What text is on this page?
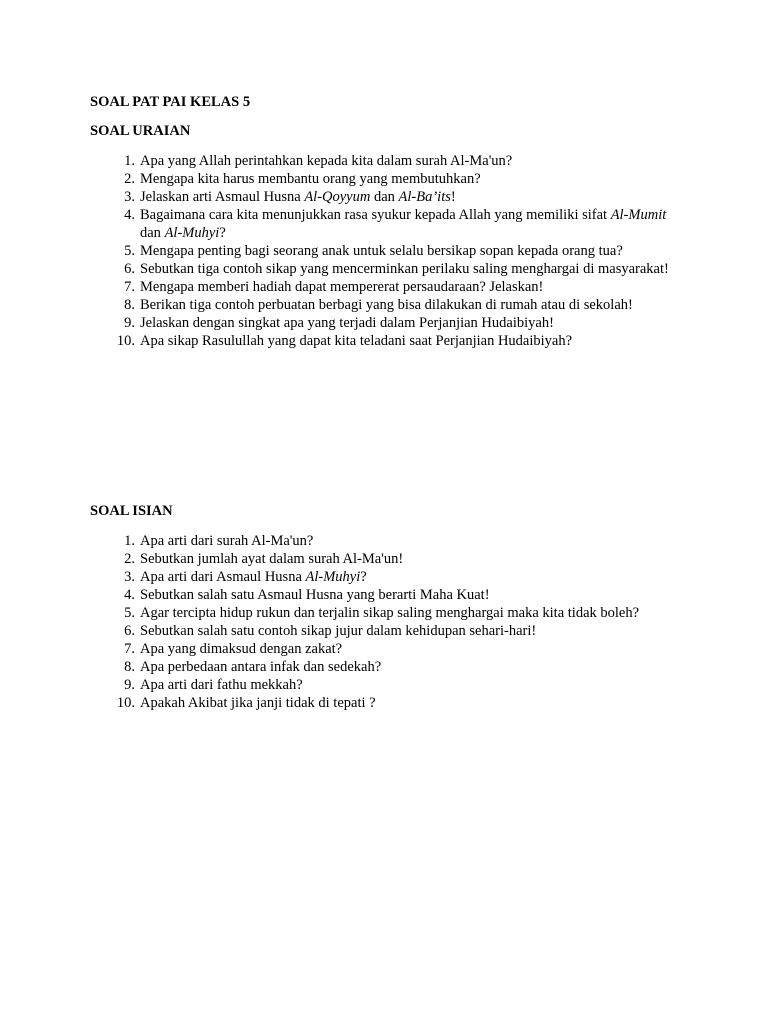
SOAL PAT PAI KELAS 5

SOAL URAIAN

1. Apa yang Allah perintahkan kepada kita dalam surah Al-Ma'un?
2. Mengapa kita harus membantu orang yang membutuhkan?
3. Jelaskan arti Asmaul Husna Al-Qoyyum dan Al-Ba’its!
4. Bagaimana cara kita menunjukkan rasa syukur kepada Allah yang memiliki sifat Al-Mumit dan Al-Muhyi?
5. Mengapa penting bagi seorang anak untuk selalu bersikap sopan kepada orang tua?
6. Sebutkan tiga contoh sikap yang mencerminkan perilaku saling menghargai di masyarakat!
7. Mengapa memberi hadiah dapat mempererat persaudaraan? Jelaskan!
8. Berikan tiga contoh perbuatan berbagi yang bisa dilakukan di rumah atau di sekolah!
9. Jelaskan dengan singkat apa yang terjadi dalam Perjanjian Hudaibiyah!
10. Apa sikap Rasulullah yang dapat kita teladani saat Perjanjian Hudaibiyah?

SOAL ISIAN

1. Apa arti dari surah Al-Ma'un?
2. Sebutkan jumlah ayat dalam surah Al-Ma'un!
3. Apa arti dari Asmaul Husna Al-Muhyi?
4. Sebutkan salah satu Asmaul Husna yang berarti Maha Kuat!
5. Agar tercipta hidup rukun dan terjalin sikap saling menghargai maka kita tidak boleh?
6. Sebutkan salah satu contoh sikap jujur dalam kehidupan sehari-hari!
7. Apa yang dimaksud dengan zakat?
8. Apa perbedaan antara infak dan sedekah?
9. Apa arti dari fathu mekkah?
10. Apakah Akibat jika janji tidak di tepati ?
